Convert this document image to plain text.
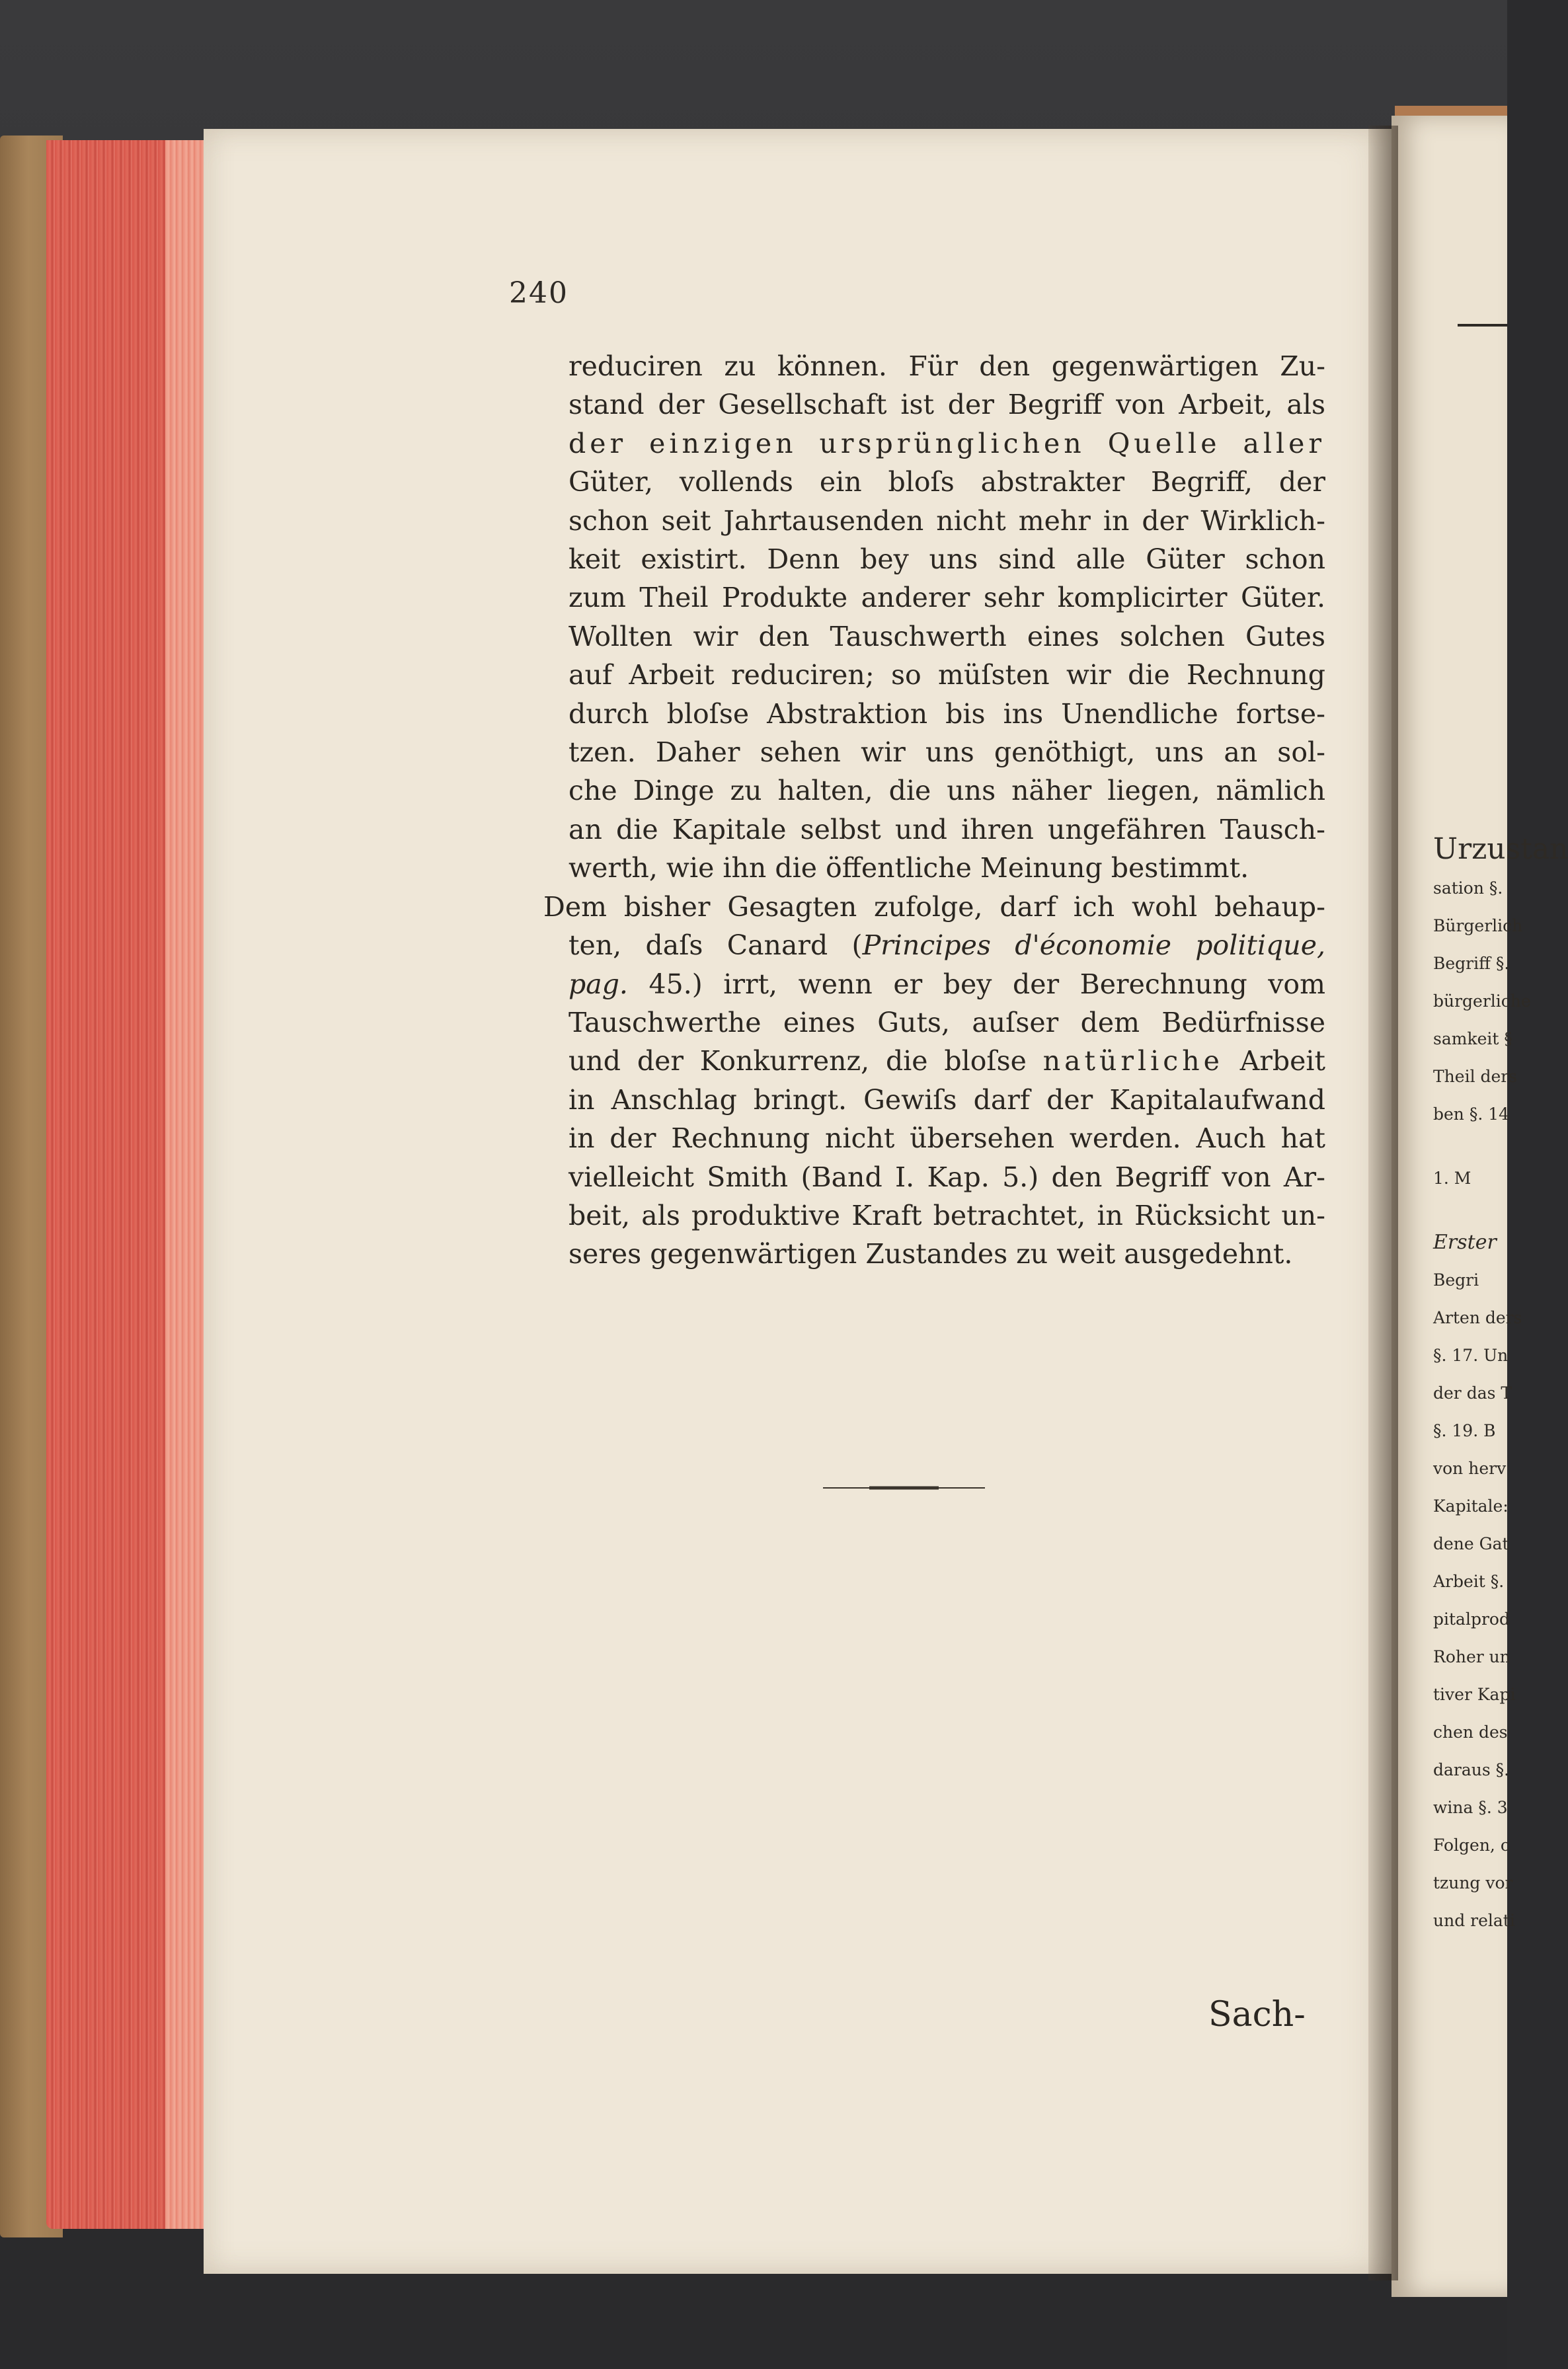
240
reduciren zu können. Für den gegenwärtigen Zu-
stand der Gesellschaft ist der Begriff von Arbeit, als
der einzigen ursprünglichen Quelle aller
Güter, vollends ein bloſs abstrakter Begriff, der
schon seit Jahrtausenden nicht mehr in der Wirklich-
keit existirt. Denn bey uns sind alle Güter schon
zum Theil Produkte anderer sehr komplicirter Güter.
Wollten wir den Tauschwerth eines solchen Gutes
auf Arbeit reduciren; so müſsten wir die Rechnung
durch bloſse Abstraktion bis ins Unendliche fortse-
tzen. Daher sehen wir uns genöthigt, uns an sol-
che Dinge zu halten, die uns näher liegen, nämlich
an die Kapitale selbst und ihren ungefähren Tausch-
werth, wie ihn die öffentliche Meinung bestimmt.
Dem bisher Gesagten zufolge, darf ich wohl behaup-
ten, daſs Canard (Principes d'économie politique,
pag. 45.) irrt, wenn er bey der Berechnung vom
Tauschwerthe eines Guts, auſser dem Bedürfnisse
und der Konkurrenz, die bloſse natürliche Arbeit
in Anschlag bringt. Gewiſs darf der Kapitalaufwand
in der Rechnung nicht übersehen werden. Auch hat
vielleicht Smith (Band I. Kap. 5.) den Begriff von Ar-
beit, als produktive Kraft betrachtet, in Rücksicht un-
seres gegenwärtigen Zustandes zu weit ausgedehnt.
Sach-
Urzustan
sation §.
Bürgerlich
Begriff §.
bürgerliche
samkeit §
Theil ders
ben §. 14
1. M
Erster
Begri
Arten ders
§. 17. Un
der das T
§. 19. B
von herv
Kapitale:
dene Gat
Arbeit §.
pitalprod
Roher un
tiver Kapi
chen des
daraus §.
wina §. 3
Folgen, c
tzung vor
und relati
